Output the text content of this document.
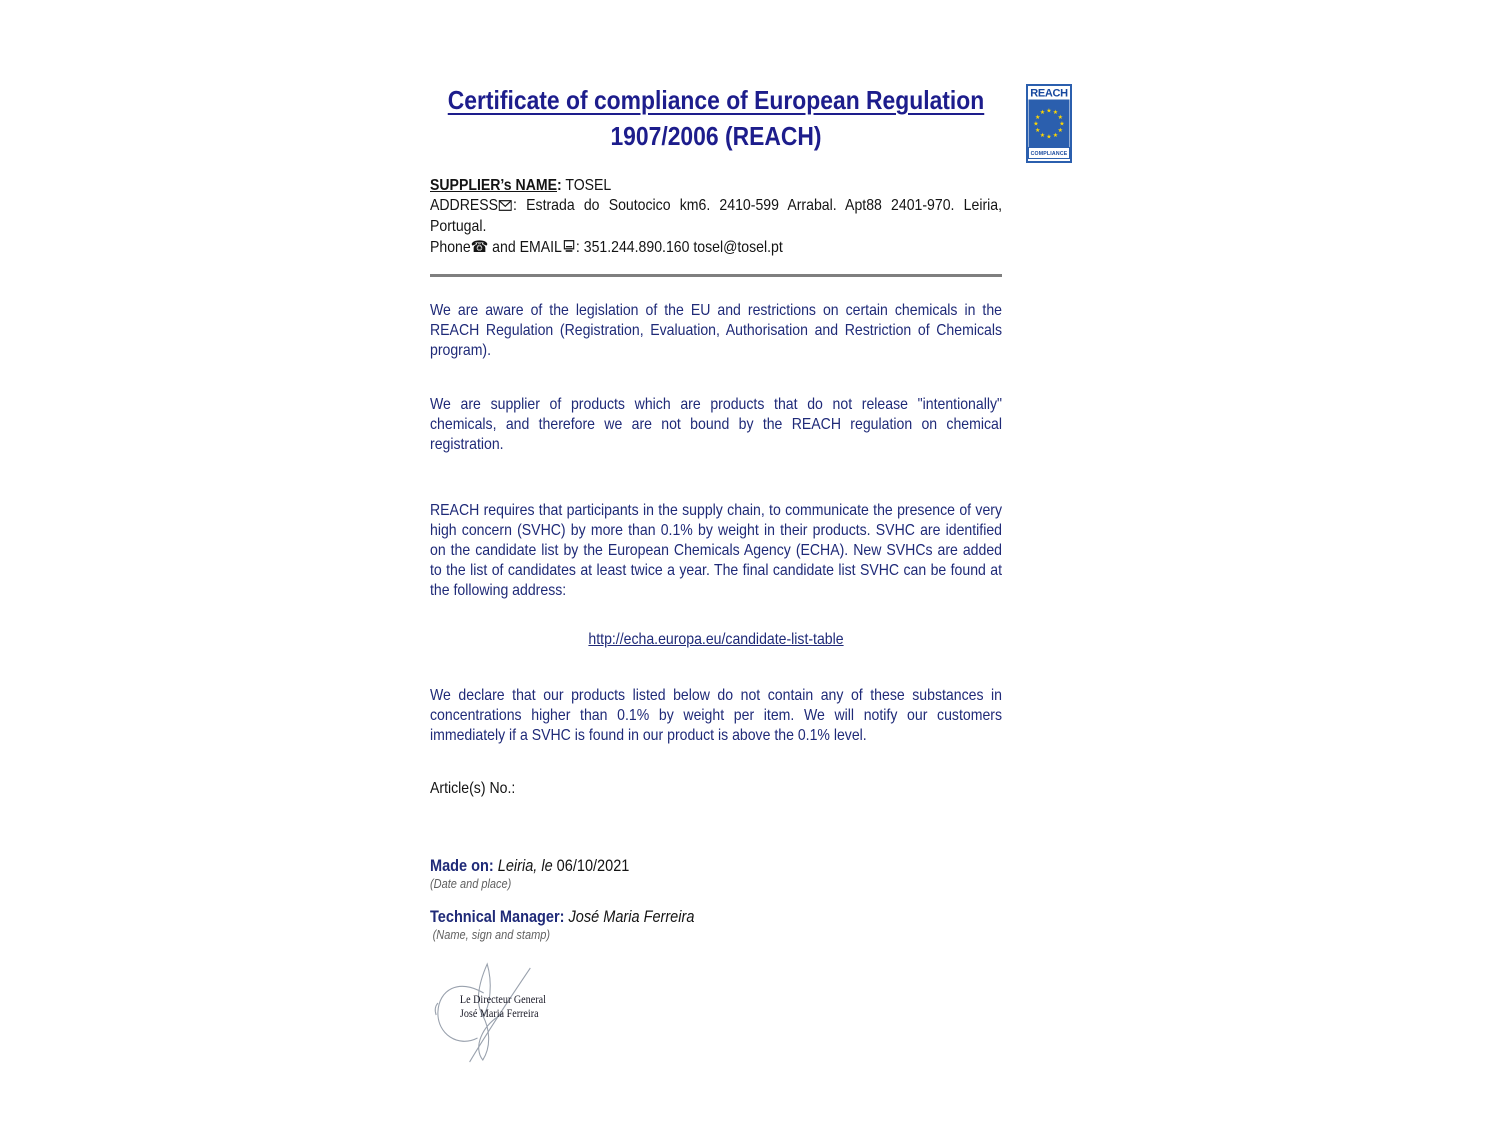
Certificate of compliance of European Regulation
1907/2006 (REACH)
SUPPLIER’s NAME: TOSEL
ADDRESS : Estrada do Soutocico km6. 2410-599 Arrabal. Apt88 2401-970. Leiria, Portugal.
Phone☎ and EMAIL : 351.244.890.160 tosel@tosel.pt

We are aware of the legislation of the EU and restrictions on certain chemicals in the REACH Regulation (Registration, Evaluation, Authorisation and Restriction of Chemicals program).

We are supplier of products which are products that do not release "intentionally" chemicals, and therefore we are not bound by the REACH regulation on chemical registration.

REACH requires that participants in the supply chain, to communicate the presence of very high concern (SVHC) by more than 0.1% by weight in their products. SVHC are identified on the candidate list by the European Chemicals Agency (ECHA). New SVHCs are added to the list of candidates at least twice a year. The final candidate list SVHC can be found at the following address:

http://echa.europa.eu/candidate-list-table

We declare that our products listed below do not contain any of these substances in concentrations higher than 0.1% by weight per item. We will notify our customers immediately if a SVHC is found in our product is above the 0.1% level.

Article(s) No.:

Made on: Leiria, le 06/10/2021
(Date and place)
Technical Manager: José Maria Ferreira
(Name, sign and stamp)
Le Directeur General
José Maria Ferreira
REACH
★ ★
★
★
★
★
★
★
★
★
★
★
COMPLIANCE
